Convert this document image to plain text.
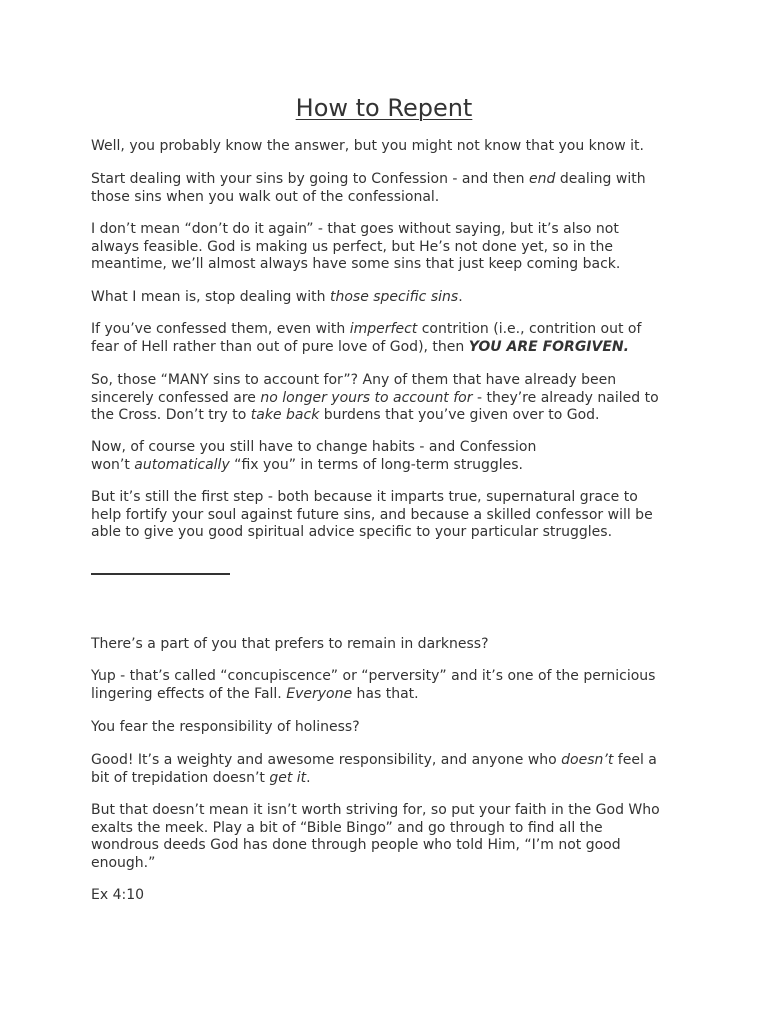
How to Repent

Well, you probably know the answer, but you might not know that you know it.

Start dealing with your sins by going to Confession - and then end dealing with
those sins when you walk out of the confessional.

I don’t mean “don’t do it again” - that goes without saying, but it’s also not
always feasible. God is making us perfect, but He’s not done yet, so in the
meantime, we’ll almost always have some sins that just keep coming back.

What I mean is, stop dealing with those specific sins.

If you’ve confessed them, even with imperfect contrition (i.e., contrition out of
fear of Hell rather than out of pure love of God), then YOU ARE FORGIVEN.

So, those “MANY sins to account for”? Any of them that have already been
sincerely confessed are no longer yours to account for - they’re already nailed to
the Cross. Don’t try to take back burdens that you’ve given over to God.

Now, of course you still have to change habits - and Confession
won’t automatically “fix you” in terms of long-term struggles.

But it’s still the first step - both because it imparts true, supernatural grace to
help fortify your soul against future sins, and because a skilled confessor will be
able to give you good spiritual advice specific to your particular struggles.

There’s a part of you that prefers to remain in darkness?

Yup - that’s called “concupiscence” or “perversity” and it’s one of the pernicious
lingering effects of the Fall. Everyone has that.

You fear the responsibility of holiness?

Good! It’s a weighty and awesome responsibility, and anyone who doesn’t feel a
bit of trepidation doesn’t get it.

But that doesn’t mean it isn’t worth striving for, so put your faith in the God Who
exalts the meek. Play a bit of “Bible Bingo” and go through to find all the
wondrous deeds God has done through people who told Him, “I’m not good
enough.”

Ex 4:10
